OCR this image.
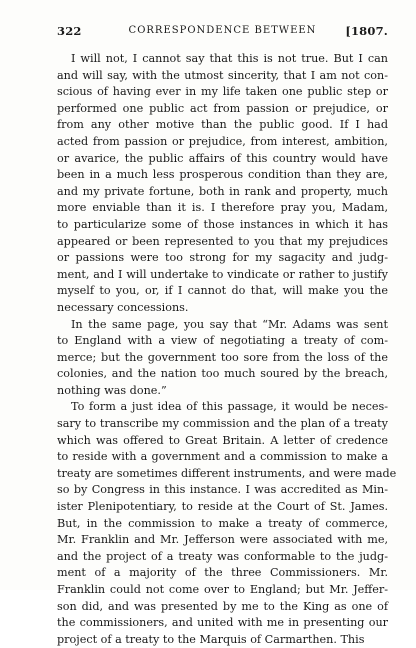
322	CORRESPONDENCE BETWEEN	[1807.
I will not, I cannot say that this is not true. But I can
and will say, with the utmost sincerity, that I am not con-
scious of having ever in my life taken one public step or
performed one public act from passion or prejudice, or
from any other motive than the public good. If I had
acted from passion or prejudice, from interest, ambition,
or avarice, the public affairs of this country would have
been in a much less prosperous condition than they are,
and my private fortune, both in rank and property, much
more enviable than it is. I therefore pray you, Madam,
to particularize some of those instances in which it has
appeared or been represented to you that my prejudices
or passions were too strong for my sagacity and judg-
ment, and I will undertake to vindicate or rather to justify
myself to you, or, if I cannot do that, will make you the
necessary concessions.
In the same page, you say that “Mr. Adams was sent
to England with a view of negotiating a treaty of com-
merce; but the government too sore from the loss of the
colonies, and the nation too much soured by the breach,
nothing was done.”
To form a just idea of this passage, it would be neces-
sary to transcribe my commission and the plan of a treaty
which was offered to Great Britain. A letter of credence
to reside with a government and a commission to make a
treaty are sometimes different instruments, and were made
so by Congress in this instance. I was accredited as Min-
ister Plenipotentiary, to reside at the Court of St. James.
But, in the commission to make a treaty of commerce,
Mr. Franklin and Mr. Jefferson were associated with me,
and the project of a treaty was conformable to the judg-
ment of a majority of the three Commissioners. Mr.
Franklin could not come over to England; but Mr. Jeffer-
son did, and was presented by me to the King as one of
the commissioners, and united with me in presenting our
project of a treaty to the Marquis of Carmarthen. This
